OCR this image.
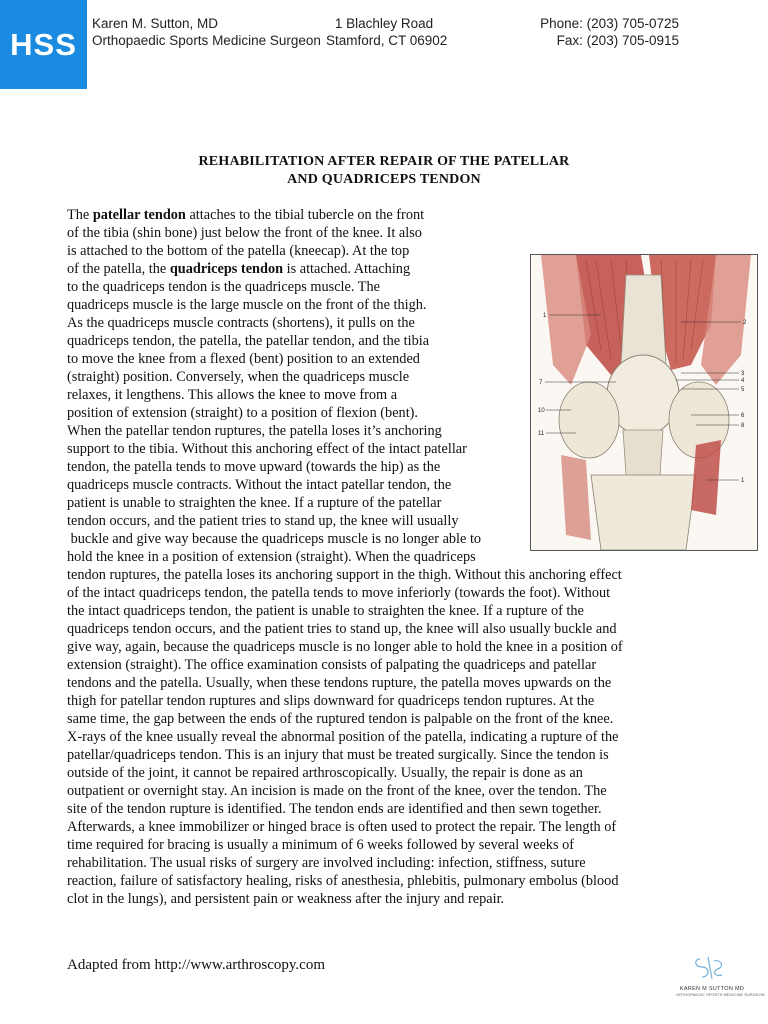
HSS
Karen M. Sutton, MD
Orthopaedic Sports Medicine Surgeon
1 Blachley Road
Stamford, CT 06902
Phone: (203) 705-0725
Fax: (203) 705-0915
REHABILITATION AFTER REPAIR OF THE PATELLAR
AND QUADRICEPS TENDON
The patellar tendon attaches to the tibial tubercle on the front
of the tibia (shin bone) just below the front of the knee. It also
is attached to the bottom of the patella (kneecap). At the top
of the patella, the quadriceps tendon is attached. Attaching
to the quadriceps tendon is the quadriceps muscle. The
quadriceps muscle is the large muscle on the front of the thigh.
As the quadriceps muscle contracts (shortens), it pulls on the
quadriceps tendon, the patella, the patellar tendon, and the tibia
to move the knee from a flexed (bent) position to an extended
(straight) position. Conversely, when the quadriceps muscle
relaxes, it lengthens. This allows the knee to move from a
position of extension (straight) to a position of flexion (bent).
When the patellar tendon ruptures, the patella loses it’s anchoring
support to the tibia. Without this anchoring effect of the intact patellar
tendon, the patella tends to move upward (towards the hip) as the
quadriceps muscle contracts. Without the intact patellar tendon, the
patient is unable to straighten the knee. If a rupture of the patellar
tendon occurs, and the patient tries to stand up, the knee will usually
buckle and give way because the quadriceps muscle is no longer able to
hold the knee in a position of extension (straight). When the quadriceps
tendon ruptures, the patella loses its anchoring support in the thigh. Without this anchoring effect
of the intact quadriceps tendon, the patella tends to move inferiorly (towards the foot). Without
the intact quadriceps tendon, the patient is unable to straighten the knee. If a rupture of the
quadriceps tendon occurs, and the patient tries to stand up, the knee will also usually buckle and
give way, again, because the quadriceps muscle is no longer able to hold the knee in a position of
extension (straight). The office examination consists of palpating the quadriceps and patellar
tendons and the patella. Usually, when these tendons rupture, the patella moves upwards on the
thigh for patellar tendon ruptures and slips downward for quadriceps tendon ruptures. At the
same time, the gap between the ends of the ruptured tendon is palpable on the front of the knee.
X-rays of the knee usually reveal the abnormal position of the patella, indicating a rupture of the
patellar/quadriceps tendon. This is an injury that must be treated surgically. Since the tendon is
outside of the joint, it cannot be repaired arthroscopically. Usually, the repair is done as an
outpatient or overnight stay. An incision is made on the front of the knee, over the tendon. The
site of the tendon rupture is identified. The tendon ends are identified and then sewn together.
Afterwards, a knee immobilizer or hinged brace is often used to protect the repair. The length of
time required for bracing is usually a minimum of 6 weeks followed by several weeks of
rehabilitation. The usual risks of surgery are involved including: infection, stiffness, suture
reaction, failure of satisfactory healing, risks of anesthesia, phlebitis, pulmonary embolus (blood
clot in the lungs), and persistent pain or weakness after the injury and repair.
1
7
10
11
2
3
4
5
6
8
1
Adapted from http://www.arthroscopy.com
KAREN M SUTTON MD
ORTHOPAEDIC SPORTS MEDICINE SURGEON
